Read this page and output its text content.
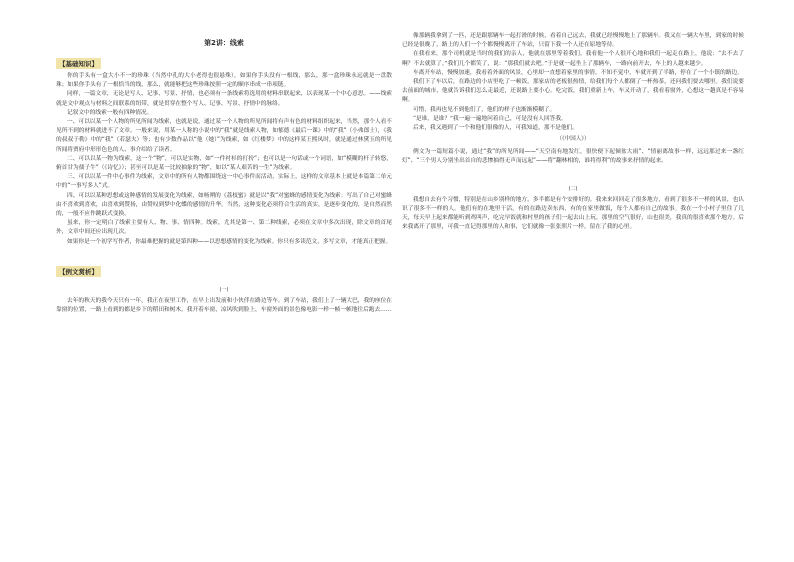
第2讲：线索
【基础知识】

你的手头有一盒大小不一的珍珠（当然中孔的大小老得也很悬殊），如果你手头没有一根线，那么，那一盒珍珠永远就是一盘散珠；如果你手头有了一根恰当的线，那么，就能够把这些珍珠按照一定的顺序串成一串项链。

同样，一篇文章，无论是写人、记事、写景、抒情，也必须有一条线索将选用的材料串联起来，以表现某一个中心意思。——线索就是文中观点与材料之间联系的纽带，就是贯穿在整个写人、记事、写景、抒情中的脉络。

记叙文中的线索一般有四种情况。

一、可以以某一个人物的所见所闻为线索，也就是说，通过某一个人物的所见所闻将有声有色的材料组织起来，当然，那个人看不见所不到的材料就进不了文章。一般来说，用某一人称的小说中的“我”就是线索人物，如郁德《最后一课》中的“我”（小弗郎士），《我的叔叔于勒》中的“我”（若瑟夫）等；也有少数作品以“他（她）”为线索，如《红楼梦》中的这样某王熙凤时，就是通过林黛玉的所见所闻将贾府中形形色色的人、事介绍给了读者。

二、可以以某一物为线索，这一个“物”，可以是实物，如“一件衬衫的打扮”；也可以是一句话或一个词语，如“模糊的杆子转悠，俯首甘为孺子牛”（《诗忆》）；甚至可以是某一比较抽象的“物”，如以“某人艰苦的一生”为线索。

三、可以以某一件中心事件为线索，文章中的所有人物都围绕这一中心事件而活动，实际上，这样的文章基本上就是本篇第二单元中的“一事写多人”式。

四、可以以某种思想或这种感情的发展变化为线索，如杨朔的《荔枝蜜》就是以“我”对蜜蜂的感情变化为线索：写出了自己对蜜蜂由不喜欢到喜欢，由喜欢到赞扬，由赞叹到梦中化蝶的感情的升华。当然，这种变化必须符合生活的真实，是逐步变化的，是自然而然的，一般不应作跳跃式变换。

虽来，你一定明白了线索主要有人、物、事、情四种。线索，尤其是第一、第二种线索，必须在文章中多次出现，除文章的首尾外，文章中间还应出现几次。

如果你是一个初学写作者，你最难把握的就是第四种——以思想感情的变化为线索。你只有多读范文，多写文章，才能真正把握。

【例文赏析】
(一)

去年的秋天的我今天只有一年，我正在夜里工作，在早上出发前和小伙伴在路边等车。到了车站，我们上了一辆大巴，我的座位在靠窗的位置，一路上看到的都是乡下的稻田和树木。我开着车窗，凉风吹到脸上，车窗外面的景色像电影一样一帧一帧地往后跑去……

像那辆我拿到了一匹，还是跟那辆车一起打滑的时候，看着自己远去，我就已经慢慢地上了那辆车。我又在一辆大车里，到家的时候已经是很晚了，路上的人们一个个都慢慢离开了车站，只留下我一个人还在原地等待。

在我看来，那个司机就是当时的我们的亲人，他就在那里等着我们。我看他一个人很开心地和我们一起走在路上，他说：“去不去了啊？不去就算了。”我们几个都笑了，说：“那我们就去吧。”于是就一起坐上了那辆车，一路向前开去，车上的人越来越少。

车离开车站，慢慢加速，我看着外面的风景，心里却一直想着家里的事情。不知不觉中，车就开到了半路，停在了一个小镇的路边。

我们下了车以后，在路边的小店里吃了一顿饭，那家店的老板很热情，给我们每个人都倒了一杯热茶，还问我们要去哪里。我们说要去前面的城市，他就告诉我们怎么走最近，还说路上要小心。吃完饭，我们重新上车，车又开动了，我看着窗外，心想这一趟真是不容易啊。

可惜，我再也见不到他们了，他们的样子也渐渐模糊了。

“是谁，是谁？”我一遍一遍地问着自己，可是没有人回答我。

后来，我又遇到了一个和他们很像的人，可我知道，那不是他们。

（《中国人》）

例文为一篇短篇小说，通过“我”的所见所闻——“天空南有地发红，很快便下起倾盆大雨”、“情丽离故事一样，远远那过来一盏红灯”、“三个男人分别坐出首自的悲惨抽得无声而远起”——将“翻林相的，谁将得利”的故事来抒情的起来。

(二)

我想自去有个习惯，特别是在山乡别样的地方，多半都是有个安排好的。我来来回回走了很多地方，看到了很多不一样的风景，也认识了很多不一样的人。他们有的在地里干活，有的在路边卖东西，有的在家里做饭，每个人都有自己的故事。我在一个小村子里住了几天，每天早上起来都能听到鸡叫声，吃完早饭就和村里的孩子们一起去山上玩。那里的空气很好，山也很美，我真的很喜欢那个地方。后来我离开了那里，可我一直记得那里的人和事，它们就像一张张照片一样，留在了我的心里。
